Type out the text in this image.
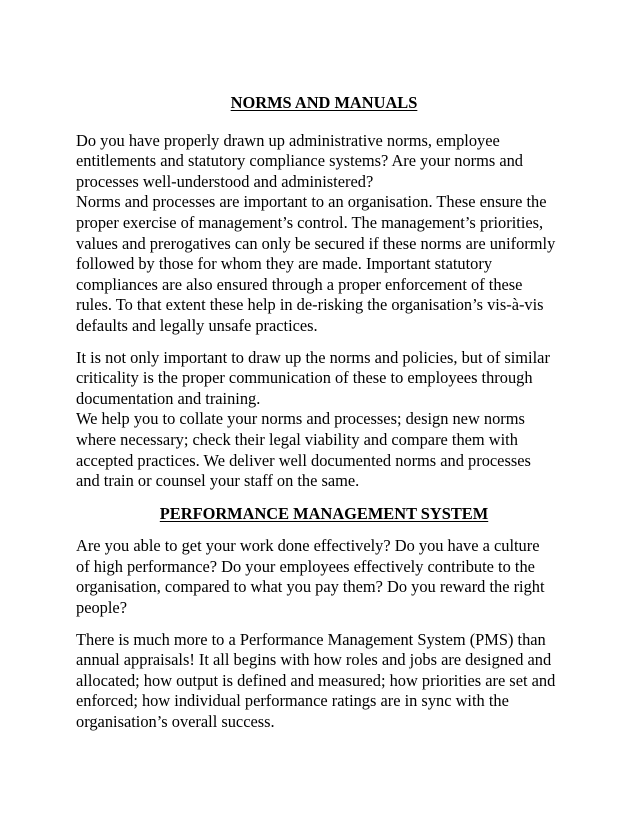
NORMS AND MANUALS

Do you have properly drawn up administrative norms, employee
entitlements and statutory compliance systems? Are your norms and
processes well-understood and administered?

Norms and processes are important to an organisation. These ensure the
proper exercise of management’s control. The management’s priorities,
values and prerogatives can only be secured if these norms are uniformly
followed by those for whom they are made. Important statutory
compliances are also ensured through a proper enforcement of these
rules. To that extent these help in de-risking the organisation’s vis-à-vis
defaults and legally unsafe practices.

It is not only important to draw up the norms and policies, but of similar
criticality is the proper communication of these to employees through
documentation and training.

We help you to collate your norms and processes; design new norms
where necessary; check their legal viability and compare them with
accepted practices. We deliver well documented norms and processes
and train or counsel your staff on the same.

PERFORMANCE MANAGEMENT SYSTEM

Are you able to get your work done effectively? Do you have a culture
of high performance? Do your employees effectively contribute to the
organisation, compared to what you pay them? Do you reward the right
people?

There is much more to a Performance Management System (PMS) than
annual appraisals! It all begins with how roles and jobs are designed and
allocated; how output is defined and measured; how priorities are set and
enforced; how individual performance ratings are in sync with the
organisation’s overall success.
